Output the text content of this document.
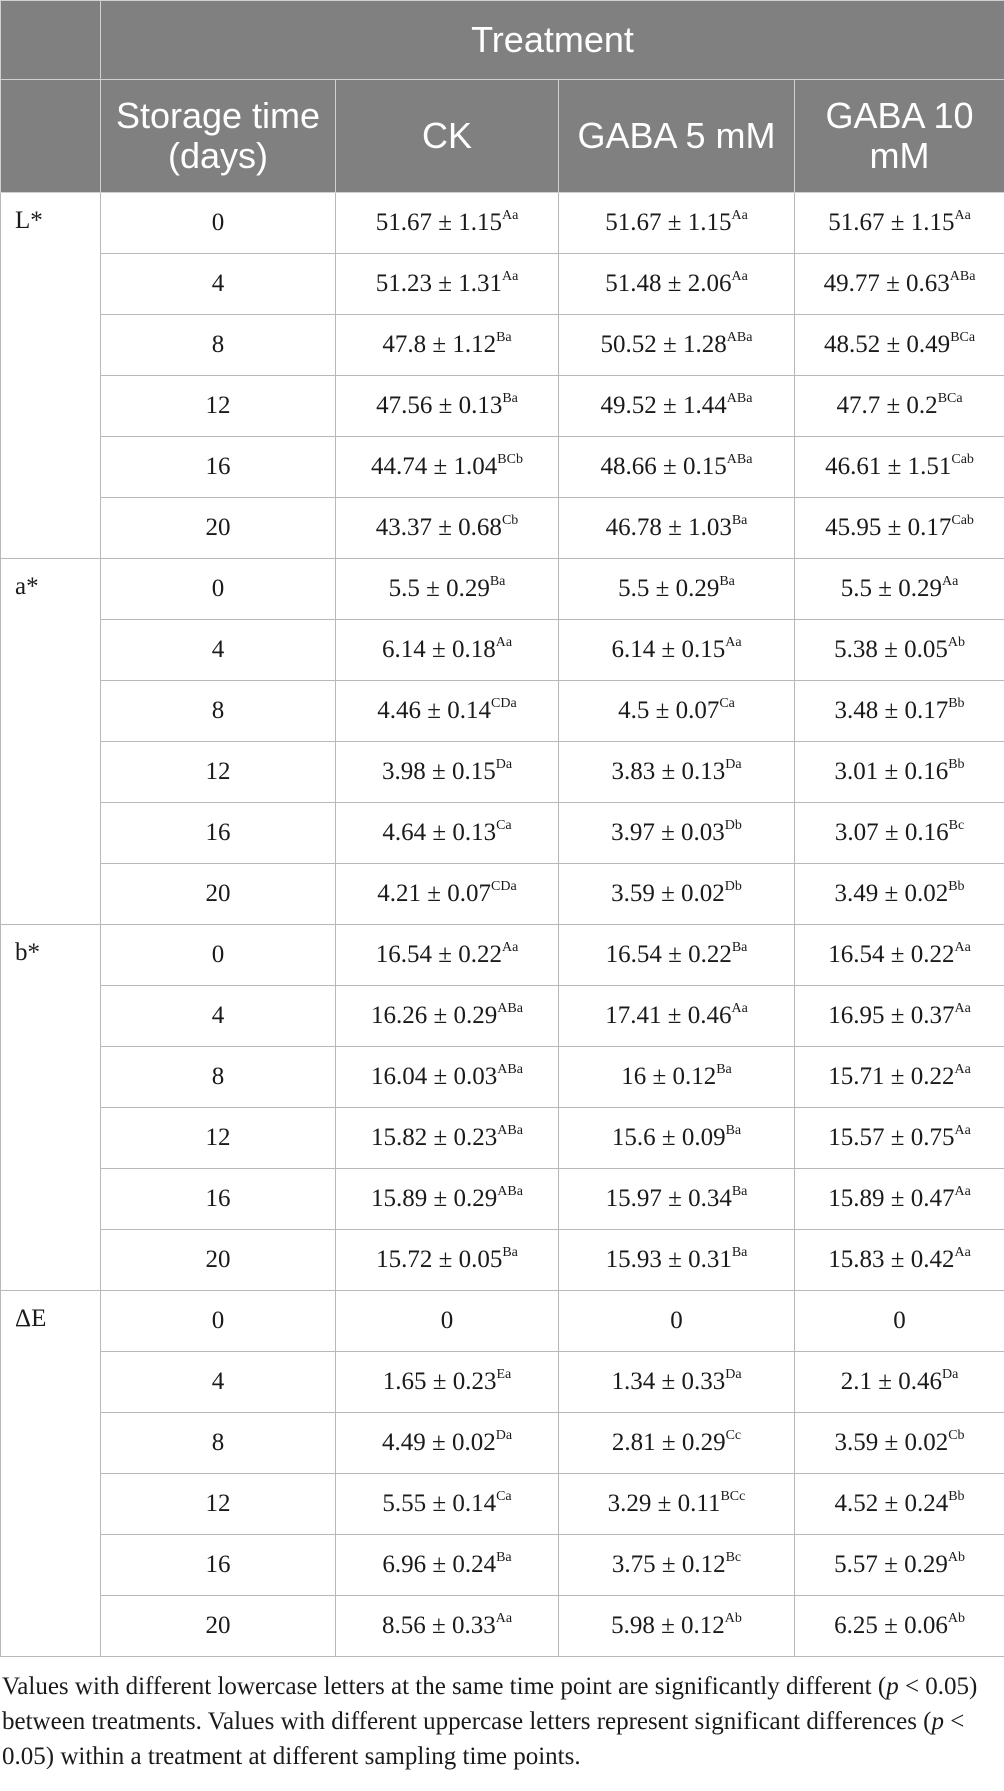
	Treatment			
	Storage time (days)	CK	GABA 5 mM	GABA 10 mM
L*	0	$51.67 \pm 1.15^{Aa}$	$51.67 \pm 1.15^{Aa}$	$51.67 \pm 1.15^{Aa}$
	4	$51.23 \pm 1.31^{Aa}$	$51.48 \pm 2.06^{Aa}$	$49.77 \pm 0.63^{ABa}$
	8	$47.8 \pm 1.12^{Ba}$	$50.52 \pm 1.28^{ABa}$	$48.52 \pm 0.49^{BCa}$
	12	$47.56 \pm 0.13^{Ba}$	$49.52 \pm 1.44^{ABa}$	$47.7 \pm 0.2^{BCa}$
	16	$44.74 \pm 1.04^{BCb}$	$48.66 \pm 0.15^{ABa}$	$46.61 \pm 1.51^{Cab}$
	20	$43.37 \pm 0.68^{Cb}$	$46.78 \pm 1.03^{Ba}$	$45.95 \pm 0.17^{Cab}$
a*	0	$5.5 \pm 0.29^{Ba}$	$5.5 \pm 0.29^{Ba}$	$5.5 \pm 0.29^{Aa}$
	4	$6.14 \pm 0.18^{Aa}$	$6.14 \pm 0.15^{Aa}$	$5.38 \pm 0.05^{Ab}$
	8	$4.46 \pm 0.14^{CDa}$	$4.5 \pm 0.07^{Ca}$	$3.48 \pm 0.17^{Bb}$
	12	$3.98 \pm 0.15^{Da}$	$3.83 \pm 0.13^{Da}$	$3.01 \pm 0.16^{Bb}$
	16	$4.64 \pm 0.13^{Ca}$	$3.97 \pm 0.03^{Db}$	$3.07 \pm 0.16^{Bc}$
	20	$4.21 \pm 0.07^{CDa}$	$3.59 \pm 0.02^{Db}$	$3.49 \pm 0.02^{Bb}$
b*	0	$16.54 \pm 0.22^{Aa}$	$16.54 \pm 0.22^{Ba}$	$16.54 \pm 0.22^{Aa}$
	4	$16.26 \pm 0.29^{ABa}$	$17.41 \pm 0.46^{Aa}$	$16.95 \pm 0.37^{Aa}$
	8	$16.04 \pm 0.03^{ABa}$	$16 \pm 0.12^{Ba}$	$15.71 \pm 0.22^{Aa}$
	12	$15.82 \pm 0.23^{ABa}$	$15.6 \pm 0.09^{Ba}$	$15.57 \pm 0.75^{Aa}$
	16	$15.89 \pm 0.29^{ABa}$	$15.97 \pm 0.34^{Ba}$	$15.89 \pm 0.47^{Aa}$
	20	$15.72 \pm 0.05^{Ba}$	$15.93 \pm 0.31^{Ba}$	$15.83 \pm 0.42^{Aa}$
ΔE	0	0	0	0
	4	$1.65 \pm 0.23^{Ea}$	$1.34 \pm 0.33^{Da}$	$2.1 \pm 0.46^{Da}$
	8	$4.49 \pm 0.02^{Da}$	$2.81 \pm 0.29^{Cc}$	$3.59 \pm 0.02^{Cb}$
	12	$5.55 \pm 0.14^{Ca}$	$3.29 \pm 0.11^{BCc}$	$4.52 \pm 0.24^{Bb}$
	16	$6.96 \pm 0.24^{Ba}$	$3.75 \pm 0.12^{Bc}$	$5.57 \pm 0.29^{Ab}$
	20	$8.56 \pm 0.33^{Aa}$	$5.98 \pm 0.12^{Ab}$	$6.25 \pm 0.06^{Ab}$
Values with different lowercase letters at the same time point are significantly different (p < 0.05) between treatments. Values with different uppercase letters represent significant differences (p < 0.05) within a treatment at different sampling time points.
